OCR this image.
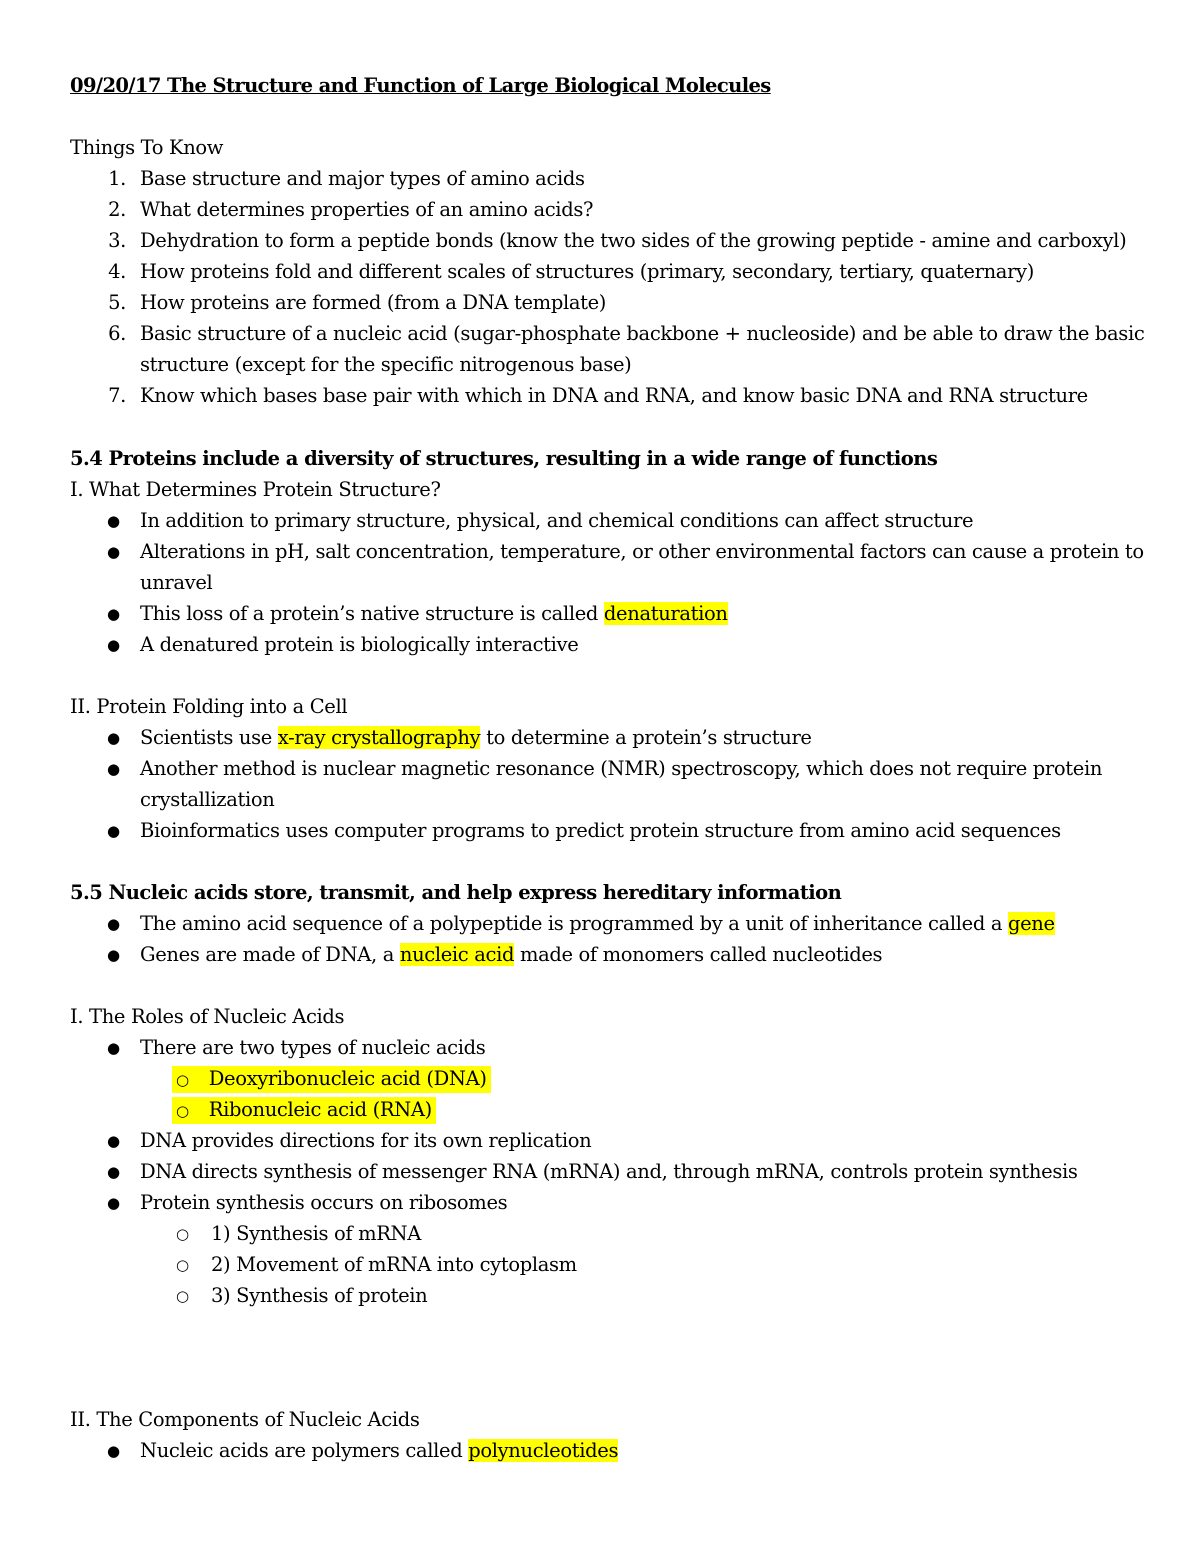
09/20/17 The Structure and Function of Large Biological Molecules
Things To Know
1. Base structure and major types of amino acids
2. What determines properties of an amino acids?
3. Dehydration to form a peptide bonds (know the two sides of the growing peptide - amine and carboxyl)
4. How proteins fold and different scales of structures (primary, secondary, tertiary, quaternary)
5. How proteins are formed (from a DNA template)
6. Basic structure of a nucleic acid (sugar-phosphate backbone + nucleoside) and be able to draw the basic
structure (except for the specific nitrogenous base)
7. Know which bases base pair with which in DNA and RNA, and know basic DNA and RNA structure
5.4 Proteins include a diversity of structures, resulting in a wide range of functions
I. What Determines Protein Structure?
● In addition to primary structure, physical, and chemical conditions can affect structure
● Alterations in pH, salt concentration, temperature, or other environmental factors can cause a protein to
unravel
● This loss of a protein’s native structure is called denaturation
● A denatured protein is biologically interactive
II. Protein Folding into a Cell
● Scientists use x-ray crystallography to determine a protein’s structure
● Another method is nuclear magnetic resonance (NMR) spectroscopy, which does not require protein
crystallization
● Bioinformatics uses computer programs to predict protein structure from amino acid sequences
5.5 Nucleic acids store, transmit, and help express hereditary information
● The amino acid sequence of a polypeptide is programmed by a unit of inheritance called a gene
● Genes are made of DNA, a nucleic acid made of monomers called nucleotides
I. The Roles of Nucleic Acids
● There are two types of nucleic acids
○ Deoxyribonucleic acid (DNA)
○ Ribonucleic acid (RNA)
● DNA provides directions for its own replication
● DNA directs synthesis of messenger RNA (mRNA) and, through mRNA, controls protein synthesis
● Protein synthesis occurs on ribosomes
○ 1) Synthesis of mRNA
○ 2) Movement of mRNA into cytoplasm
○ 3) Synthesis of protein
II. The Components of Nucleic Acids
● Nucleic acids are polymers called polynucleotides
